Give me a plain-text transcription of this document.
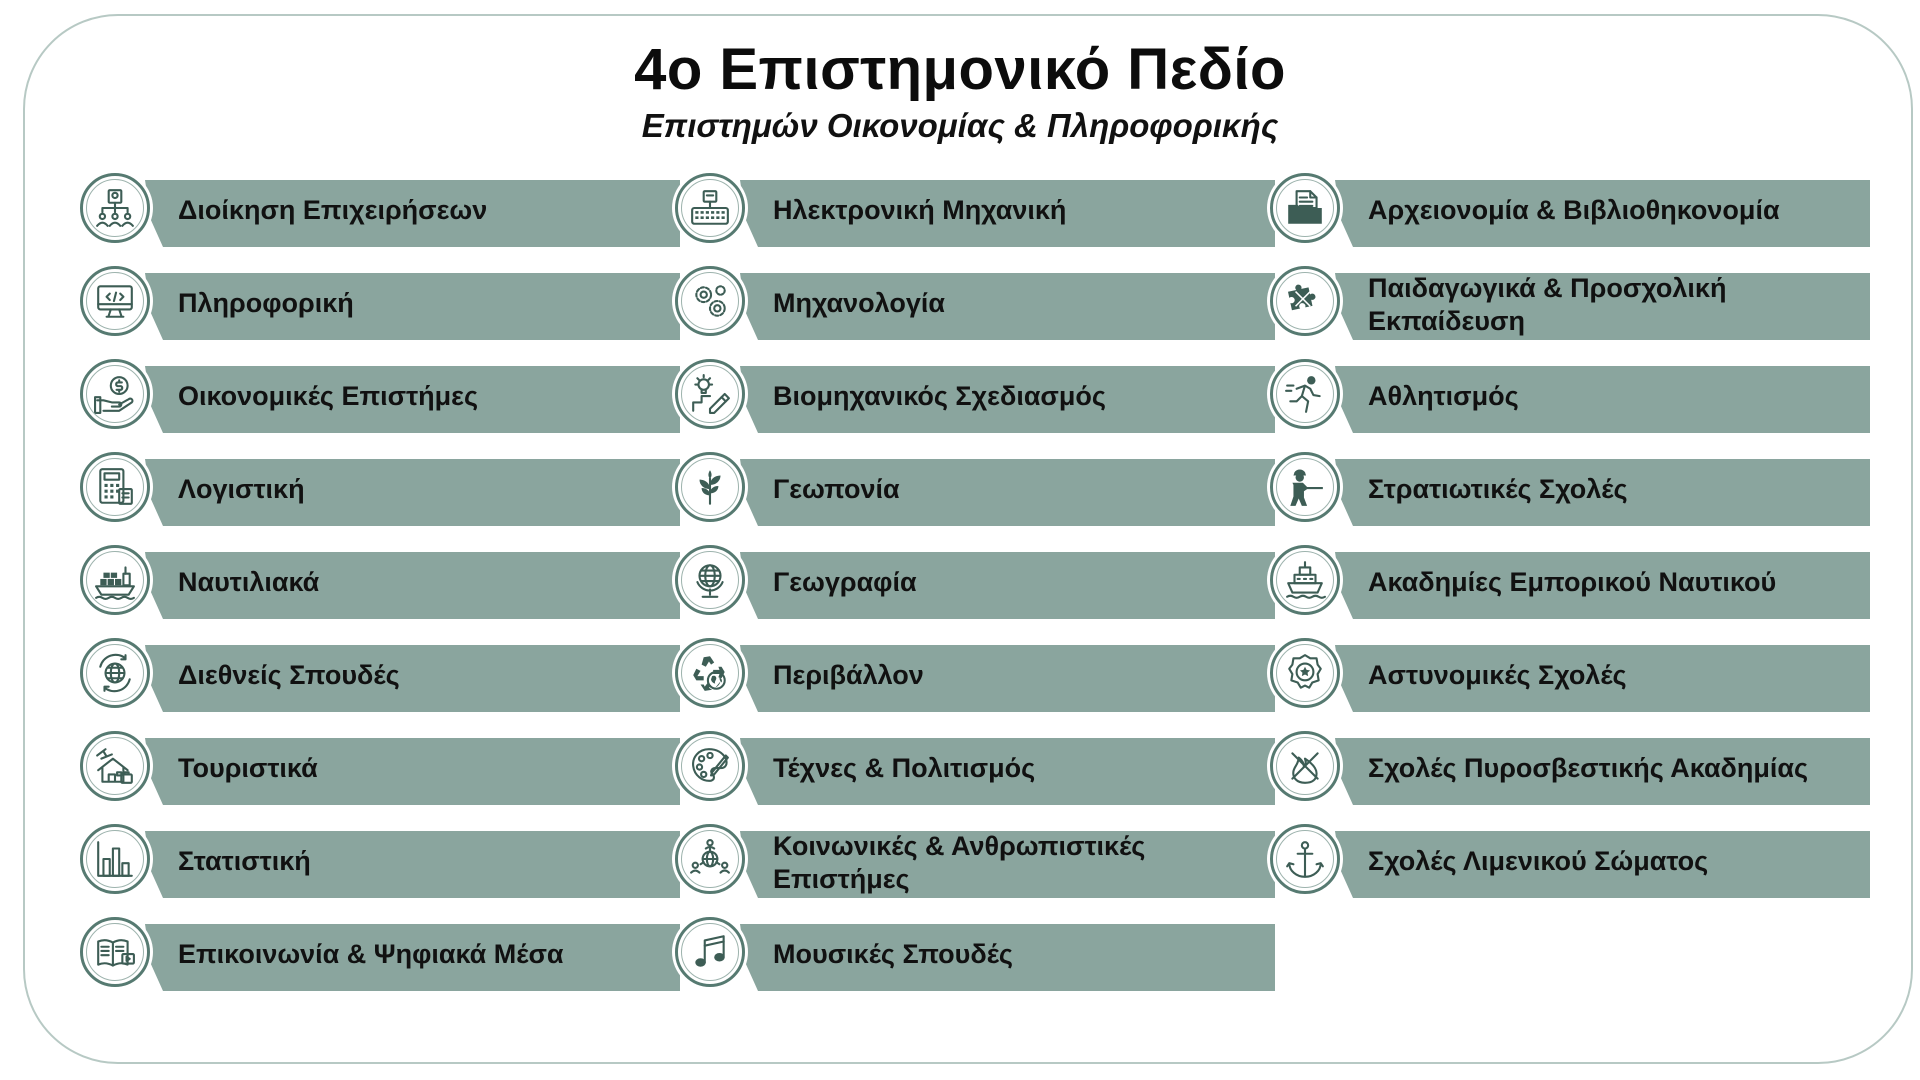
4ο Επιστημονικό Πεδίο
Επιστημών Οικονομίας & Πληροφορικής
Διοίκηση Επιχειρήσεων
Πληροφορική
Οικονομικές Επιστήμες
Λογιστική
Ναυτιλιακά
Διεθνείς Σπουδές
Τουριστικά
Στατιστική
Επικοινωνία & Ψηφιακά Μέσα
Ηλεκτρονική Μηχανική
Μηχανολογία
Βιομηχανικός Σχεδιασμός
Γεωπονία
Γεωγραφία
Περιβάλλον
Τέχνες & Πολιτισμός
Κοινωνικές & Ανθρωπιστικές Επιστήμες
Μουσικές Σπουδές
Αρχειονομία & Βιβλιοθηκονομία
Παιδαγωγικά & Προσχολική Εκπαίδευση
Αθλητισμός
Στρατιωτικές Σχολές
Ακαδημίες Εμπορικού Ναυτικού
Αστυνομικές Σχολές
Σχολές Πυροσβεστικής Ακαδημίας
Σχολές Λιμενικού Σώματος
